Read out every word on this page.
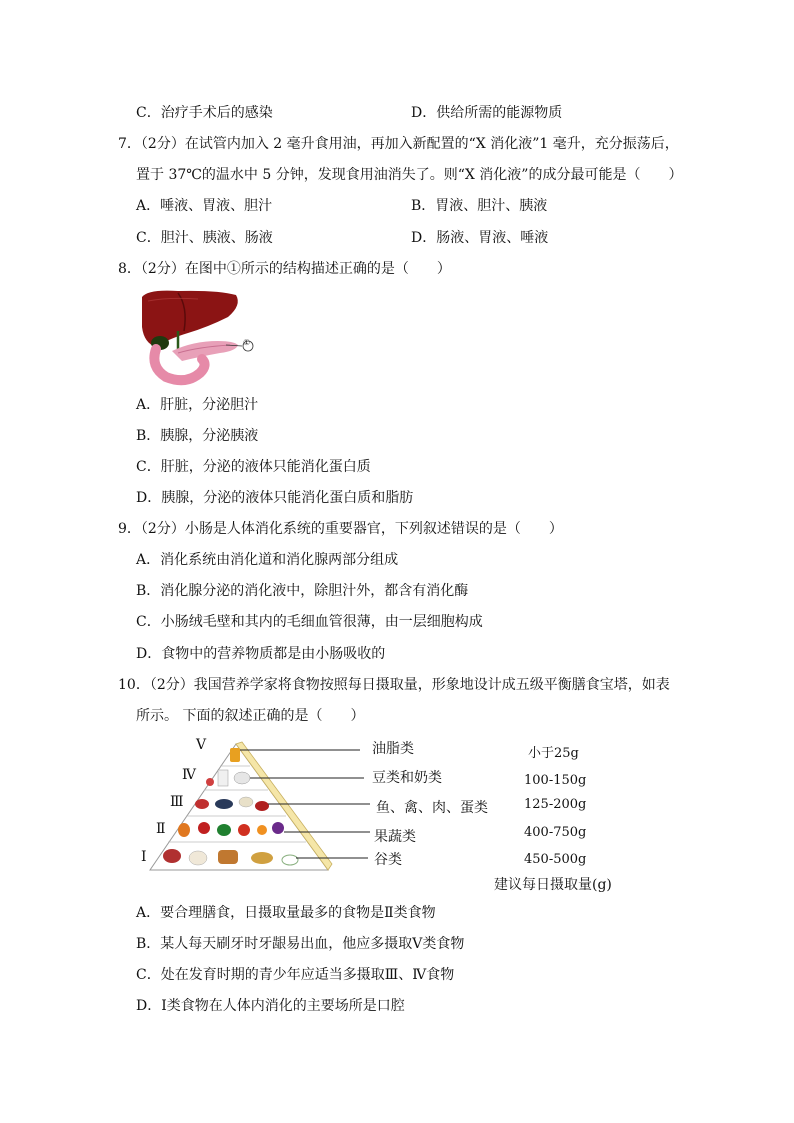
C．治疗手术后的感染	D．供给所需的能源物质
7．（2分）在试管内加入 2 毫升食用油，再加入新配置的“X 消化液”1 毫升，充分振荡后，
置于 37℃的温水中 5 分钟，发现食用油消失了。则“X 消化液”的成分最可能是（　　）
A．唾液、胃液、胆汁	B．胃液、胆汁、胰液
C．胆汁、胰液、肠液	D．肠液、胃液、唾液
8．（2分）在图中①所示的结构描述正确的是（　　）
①
A．肝脏，分泌胆汁
B．胰腺，分泌胰液
C．肝脏，分泌的液体只能消化蛋白质
D．胰腺，分泌的液体只能消化蛋白质和脂肪
9．（2分）小肠是人体消化系统的重要器官，下列叙述错误的是（　　）
A．消化系统由消化道和消化腺两部分组成
B．消化腺分泌的消化液中，除胆汁外，都含有消化酶
C．小肠绒毛壁和其内的毛细血管很薄，由一层细胞构成
D．食物中的营养物质都是由小肠吸收的
10．（2分）我国营养学家将食物按照每日摄取量，形象地设计成五级平衡膳食宝塔，如表
所示。 下面的叙述正确的是（　　）
Ⅴ
Ⅳ
Ⅲ
Ⅱ
Ⅰ
油脂类
豆类和奶类
鱼、禽、肉、蛋类
果蔬类
谷类
小于25g
100-150g
125-200g
400-750g
450-500g
建议每日摄取量(g)
A．要合理膳食，日摄取量最多的食物是Ⅱ类食物
B．某人每天刷牙时牙龈易出血，他应多摄取Ⅴ类食物
C．处在发育时期的青少年应适当多摄取Ⅲ、Ⅳ食物
D．Ⅰ类食物在人体内消化的主要场所是口腔
